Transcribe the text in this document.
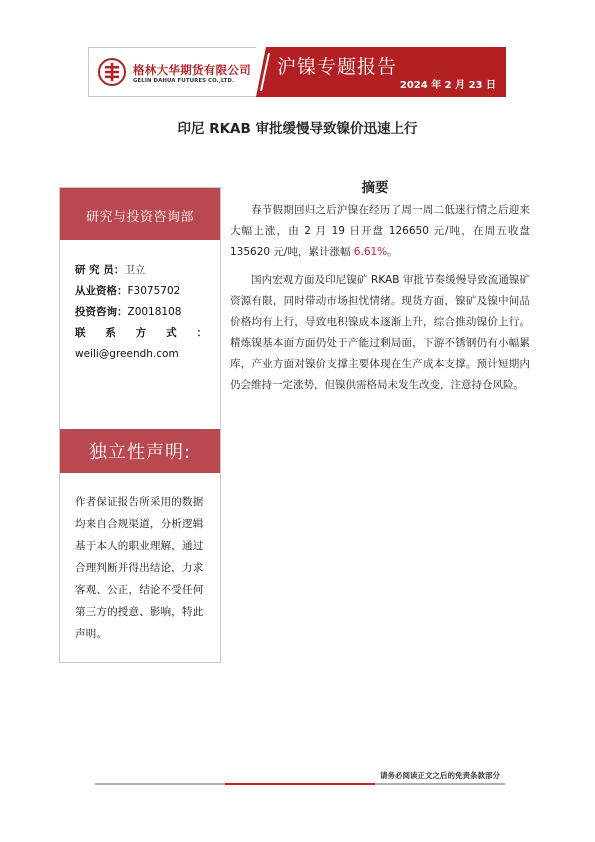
格林大华期货有限公司
GELIN DAHUA FUTURES CO.,LTD.
沪镍专题报告
2024 年 2 月 23 日
印尼 RKAB 审批缓慢导致镍价迅速上行
研究与投资咨询部
研 究 员：卫立
从业资格：F3075702
投资咨询：Z0018108
联 系 方 式 ：
weili@greendh.com
独立性声明:
作者保证报告所采用的数据均来自合规渠道，分析逻辑基于本人的职业理解，通过合理判断并得出结论，力求客观、公正，结论不受任何第三方的授意、影响，特此声明。
摘要
春节假期回归之后沪镍在经历了周一周二低迷行情之后迎来大幅上涨，由 2 月 19 日开盘 126650 元/吨，在周五收盘 135620 元/吨，累计涨幅 6.61%。
国内宏观方面及印尼镍矿 RKAB 审批节奏缓慢导致流通镍矿资源有限，同时带动市场担忧情绪。现货方面，镍矿及镍中间品价格均有上行，导致电积镍成本逐渐上升，综合推动镍价上行。精炼镍基本面方面仍处于产能过剩局面，下游不锈钢仍有小幅累库，产业方面对镍价支撑主要体现在生产成本支撑。预计短期内仍会维持一定涨势，但镍供需格局未发生改变，注意持仓风险。
请务必阅读正文之后的免责条款部分
